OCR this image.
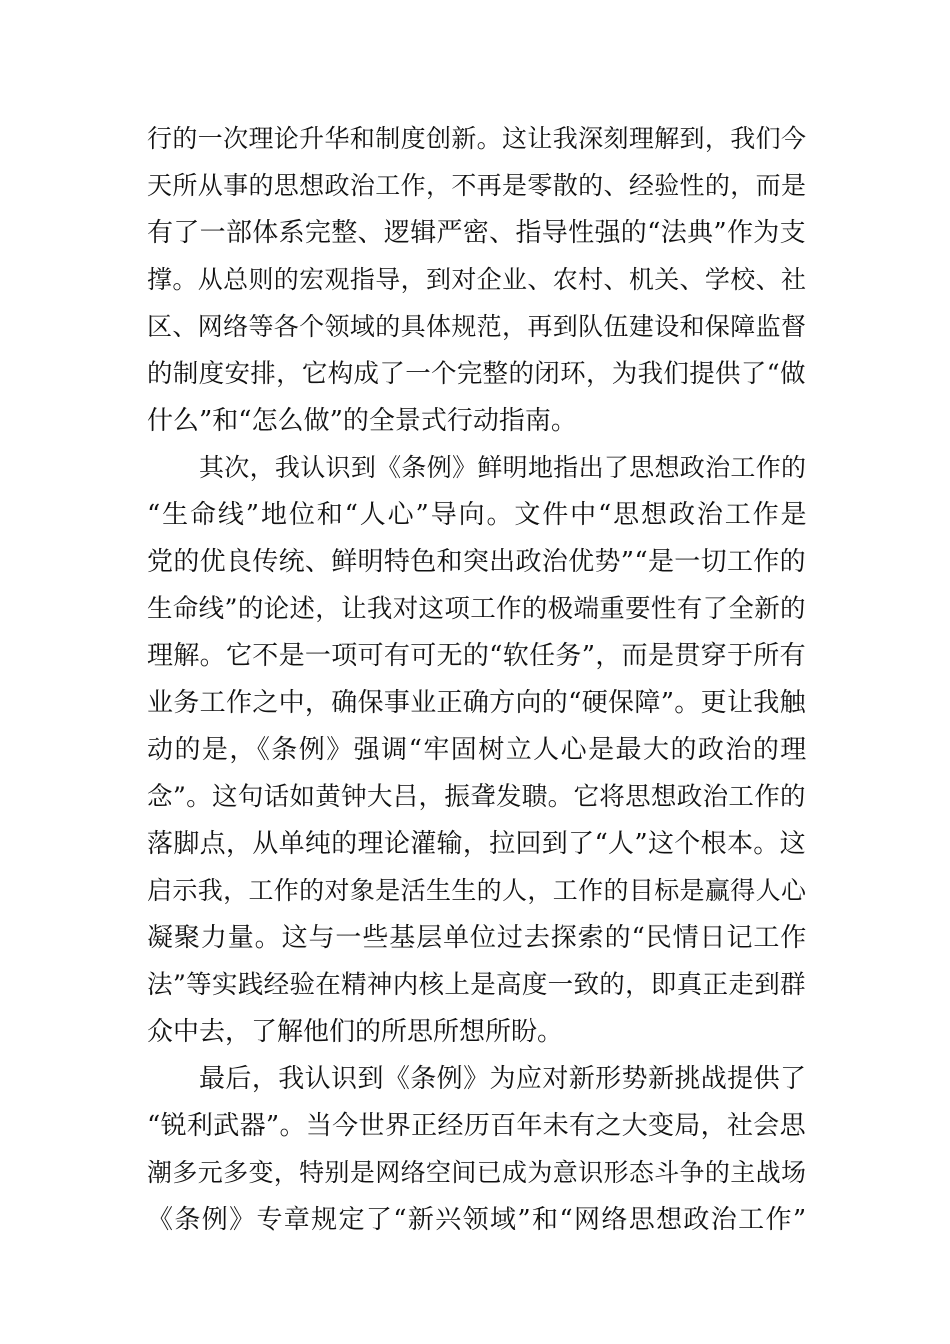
行的一次理论升华和制度创新。这让我深刻理解到，我们今
天所从事的思想政治工作，不再是零散的、经验性的，而是
有了一部体系完整、逻辑严密、指导性强的“法典”作为支
撑。从总则的宏观指导，到对企业、农村、机关、学校、社
区、网络等各个领域的具体规范，再到队伍建设和保障监督
的制度安排，它构成了一个完整的闭环，为我们提供了“做
什么”和“怎么做”的全景式行动指南。
其次，我认识到《条例》鲜明地指出了思想政治工作的
“生命线”地位和“人心”导向。文件中“思想政治工作是
党的优良传统、鲜明特色和突出政治优势”“是一切工作的
生命线”的论述，让我对这项工作的极端重要性有了全新的
理解。它不是一项可有可无的“软任务”，而是贯穿于所有
业务工作之中，确保事业正确方向的“硬保障”。更让我触
动的是，《条例》强调“牢固树立人心是最大的政治的理
念”。这句话如黄钟大吕，振聋发聩。它将思想政治工作的
落脚点，从单纯的理论灌输，拉回到了“人”这个根本。这
启示我，工作的对象是活生生的人，工作的目标是赢得人心
凝聚力量。这与一些基层单位过去探索的“民情日记工作
法”等实践经验在精神内核上是高度一致的，即真正走到群
众中去，了解他们的所思所想所盼。
最后，我认识到《条例》为应对新形势新挑战提供了
“锐利武器”。当今世界正经历百年未有之大变局，社会思
潮多元多变，特别是网络空间已成为意识形态斗争的主战场
《条例》专章规定了“新兴领域”和“网络思想政治工作”
